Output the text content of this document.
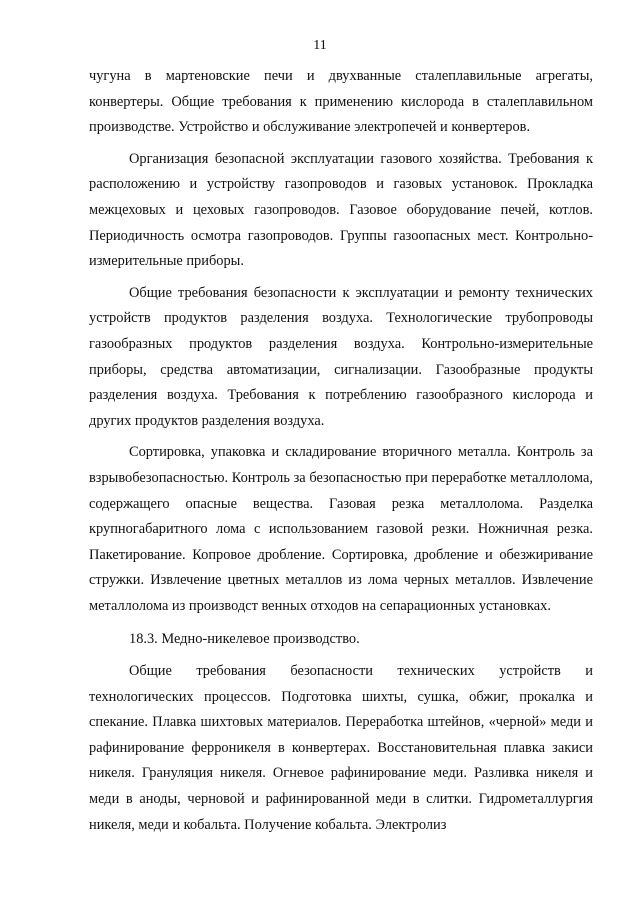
11

чугуна в мартеновские печи и двухванные сталеплавильные агрегаты, конвертеры. Общие требования к применению кислорода в сталеплавильном производстве. Устройство и обслуживание электропечей и конвертеров.

Организация безопасной эксплуатации газового хозяйства. Требования к расположению и устройству газопроводов и газовых установок. Прокладка межцеховых и цеховых газопроводов. Газовое оборудование печей, котлов. Периодичность осмотра газопроводов. Группы газоопасных мест. Контрольно-измерительные приборы.

Общие требования безопасности к эксплуатации и ремонту технических устройств продуктов разделения воздуха. Технологические трубопроводы газообразных продуктов разделения воздуха. Контрольно-измерительные приборы, средства автоматизации, сигнализации. Газообразные продукты разделения воздуха. Требования к потреблению газообразного кислорода и других продуктов разделения воздуха.

Сортировка, упаковка и складирование вторичного металла. Контроль за взрывобезопасностью. Контроль за безопасностью при переработке металлолома, содержащего опасные вещества. Газовая резка металлолома. Разделка крупногабаритного лома с использованием газовой резки. Ножничная резка. Пакетирование. Копровое дробление. Сортировка, дробление и обезжиривание стружки. Извлечение цветных металлов из лома черных металлов. Извлечение металлолома из производст венных отходов на сепарационных установках.

18.3. Медно-никелевое производство.

Общие требования безопасности технических устройств и технологических процессов. Подготовка шихты, сушка, обжиг, прокалка и спекание. Плавка шихтовых материалов. Переработка штейнов, «черной» меди и рафинирование ферроникеля в конвертерах. Восстановительная плавка закиси никеля. Грануляция никеля. Огневое рафинирование меди. Разливка никеля и меди в аноды, черновой и рафинированной меди в слитки. Гидрометаллургия никеля, меди и кобальта. Получение кобальта. Электролиз
